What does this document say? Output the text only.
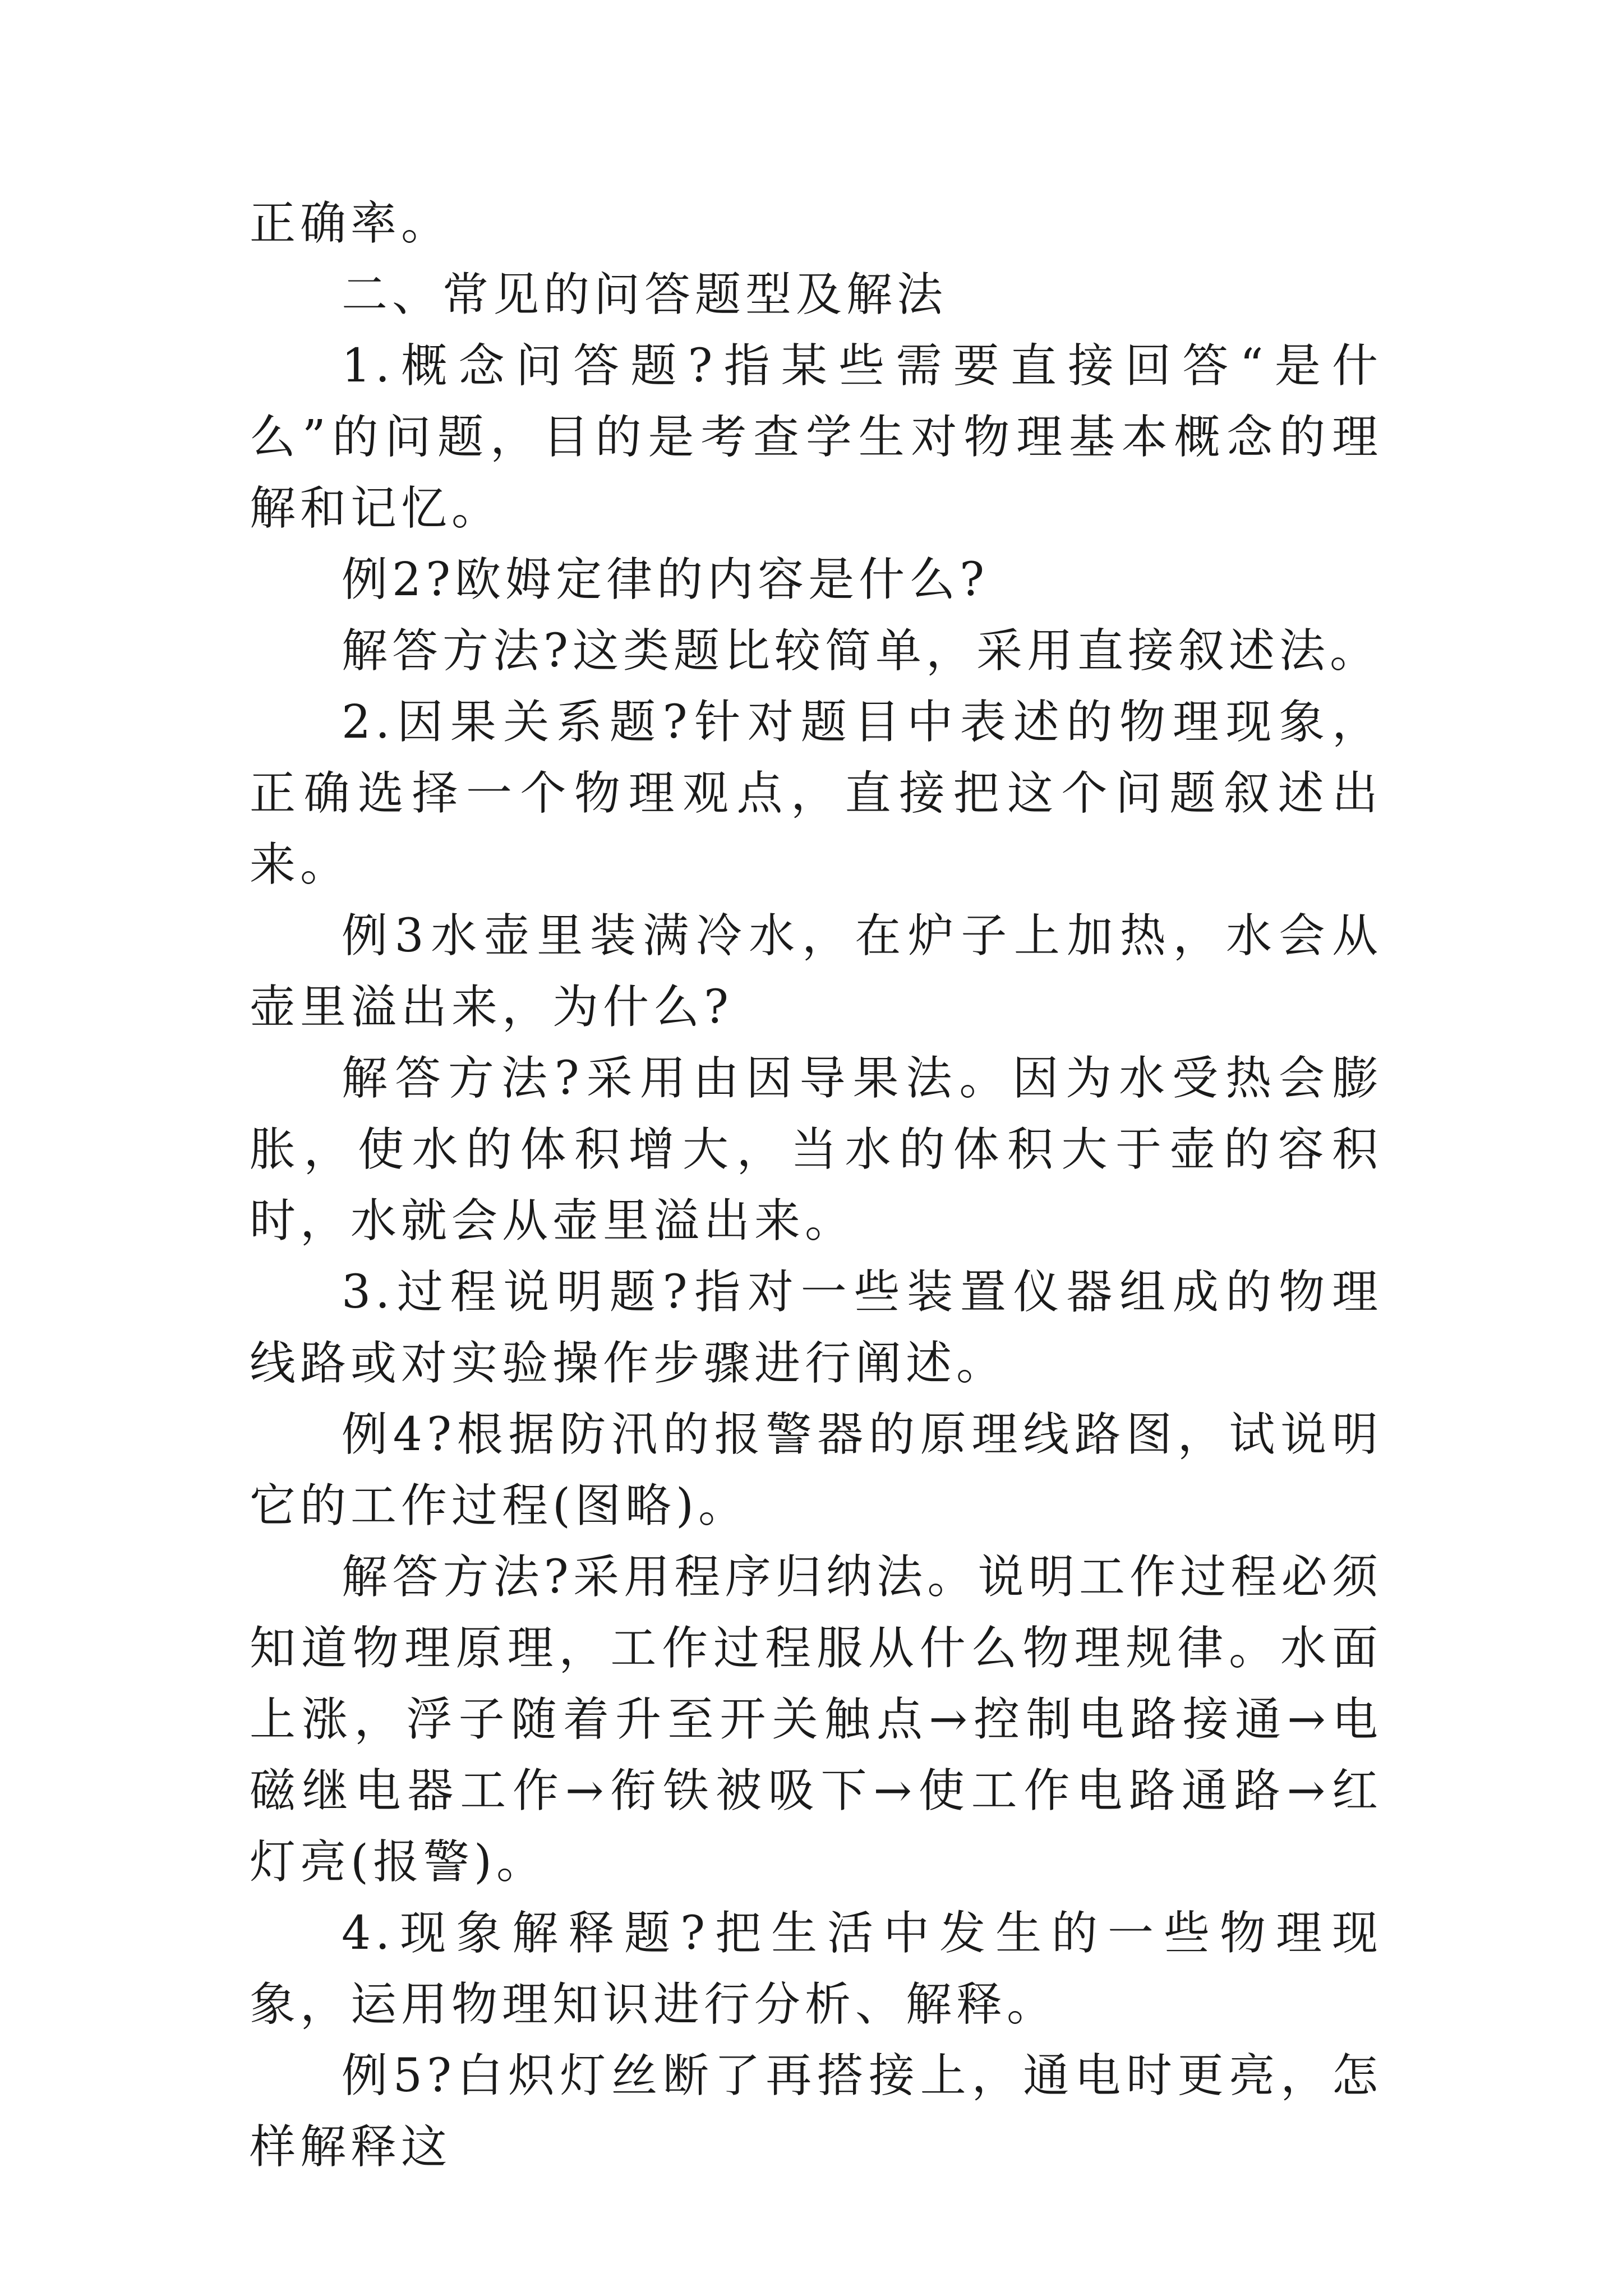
正确率。

二、常见的问答题型及解法

1.概念问答题?指某些需要直接回答“是什么”的问题，目的是考查学生对物理基本概念的理解和记忆。

例2?欧姆定律的内容是什么?

解答方法?这类题比较简单，采用直接叙述法。

2.因果关系题?针对题目中表述的物理现象，正确选择一个物理观点，直接把这个问题叙述出来。

例3水壶里装满冷水，在炉子上加热，水会从壶里溢出来，为什么?

解答方法?采用由因导果法。因为水受热会膨胀，使水的体积增大，当水的体积大于壶的容积时，水就会从壶里溢出来。

3.过程说明题?指对一些装置仪器组成的物理线路或对实验操作步骤进行阐述。

例4?根据防汛的报警器的原理线路图，试说明它的工作过程(图略)。

解答方法?采用程序归纳法。说明工作过程必须知道物理原理，工作过程服从什么物理规律。水面上涨，浮子随着升至开关触点→控制电路接通→电磁继电器工作→衔铁被吸下→使工作电路通路→红灯亮(报警)。

4.现象解释题?把生活中发生的一些物理现象，运用物理知识进行分析、解释。

例5?白炽灯丝断了再搭接上，通电时更亮，怎样解释这
